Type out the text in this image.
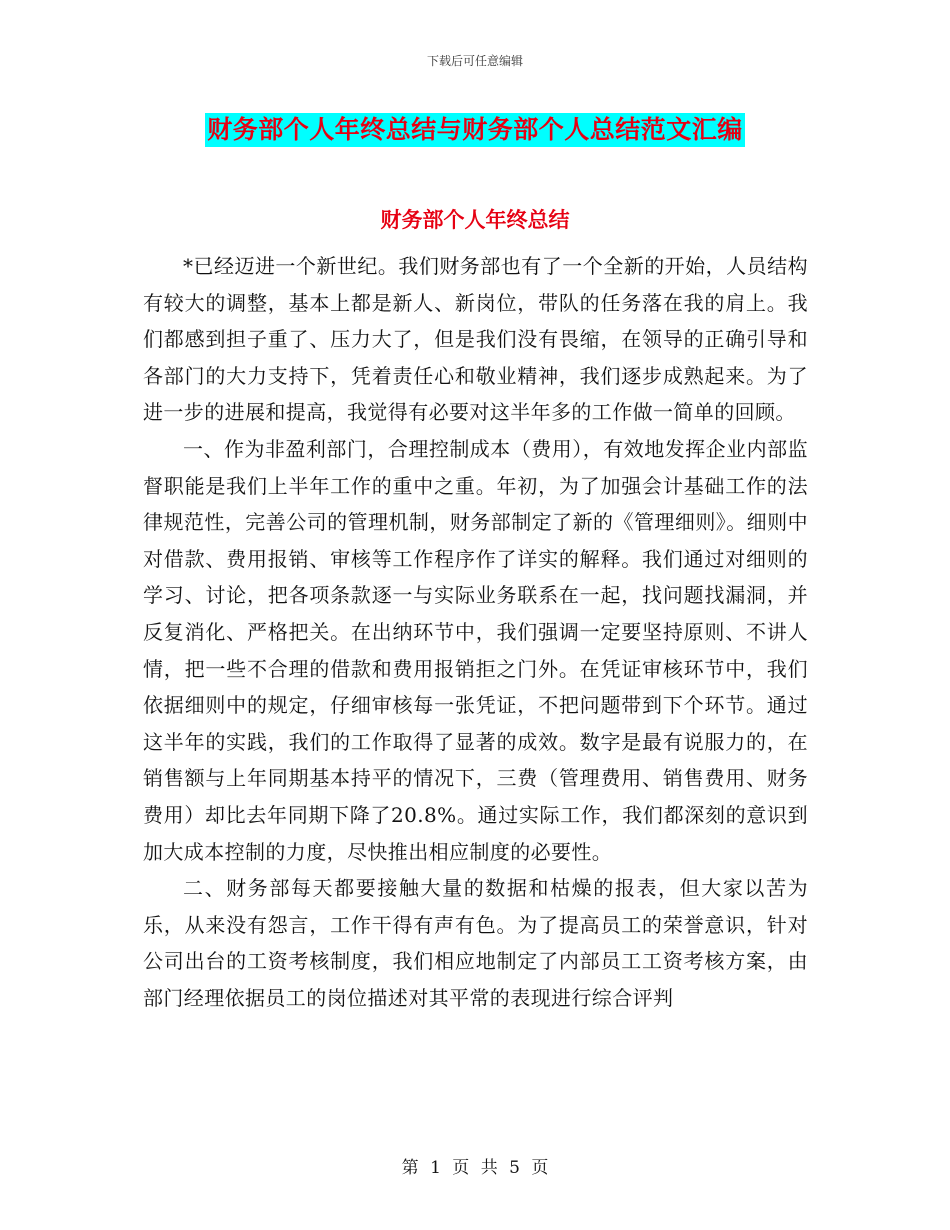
下载后可任意编辑
财务部个人年终总结与财务部个人总结范文汇编
财务部个人年终总结

*已经迈进一个新世纪。我们财务部也有了一个全新的开始，人员结构有较大的调整，基本上都是新人、新岗位，带队的任务落在我的肩上。我们都感到担子重了、压力大了，但是我们没有畏缩，在领导的正确引导和各部门的大力支持下，凭着责任心和敬业精神，我们逐步成熟起来。为了进一步的进展和提高，我觉得有必要对这半年多的工作做一简单的回顾。

一、作为非盈利部门，合理控制成本（费用），有效地发挥企业内部监督职能是我们上半年工作的重中之重。年初，为了加强会计基础工作的法律规范性，完善公司的管理机制，财务部制定了新的《管理细则》。细则中对借款、费用报销、审核等工作程序作了详实的解释。我们通过对细则的学习、讨论，把各项条款逐一与实际业务联系在一起，找问题找漏洞，并反复消化、严格把关。在出纳环节中，我们强调一定要坚持原则、不讲人情，把一些不合理的借款和费用报销拒之门外。在凭证审核环节中，我们依据细则中的规定，仔细审核每一张凭证，不把问题带到下个环节。通过这半年的实践，我们的工作取得了显著的成效。数字是最有说服力的，在销售额与上年同期基本持平的情况下，三费（管理费用、销售费用、财务费用）却比去年同期下降了20.8%。通过实际工作，我们都深刻的意识到加大成本控制的力度，尽快推出相应制度的必要性。

二、财务部每天都要接触大量的数据和枯燥的报表，但大家以苦为乐，从来没有怨言，工作干得有声有色。为了提高员工的荣誉意识，针对公司出台的工资考核制度，我们相应地制定了内部员工工资考核方案，由部门经理依据员工的岗位描述对其平常的表现进行综合评判

第 1 页 共 5 页
